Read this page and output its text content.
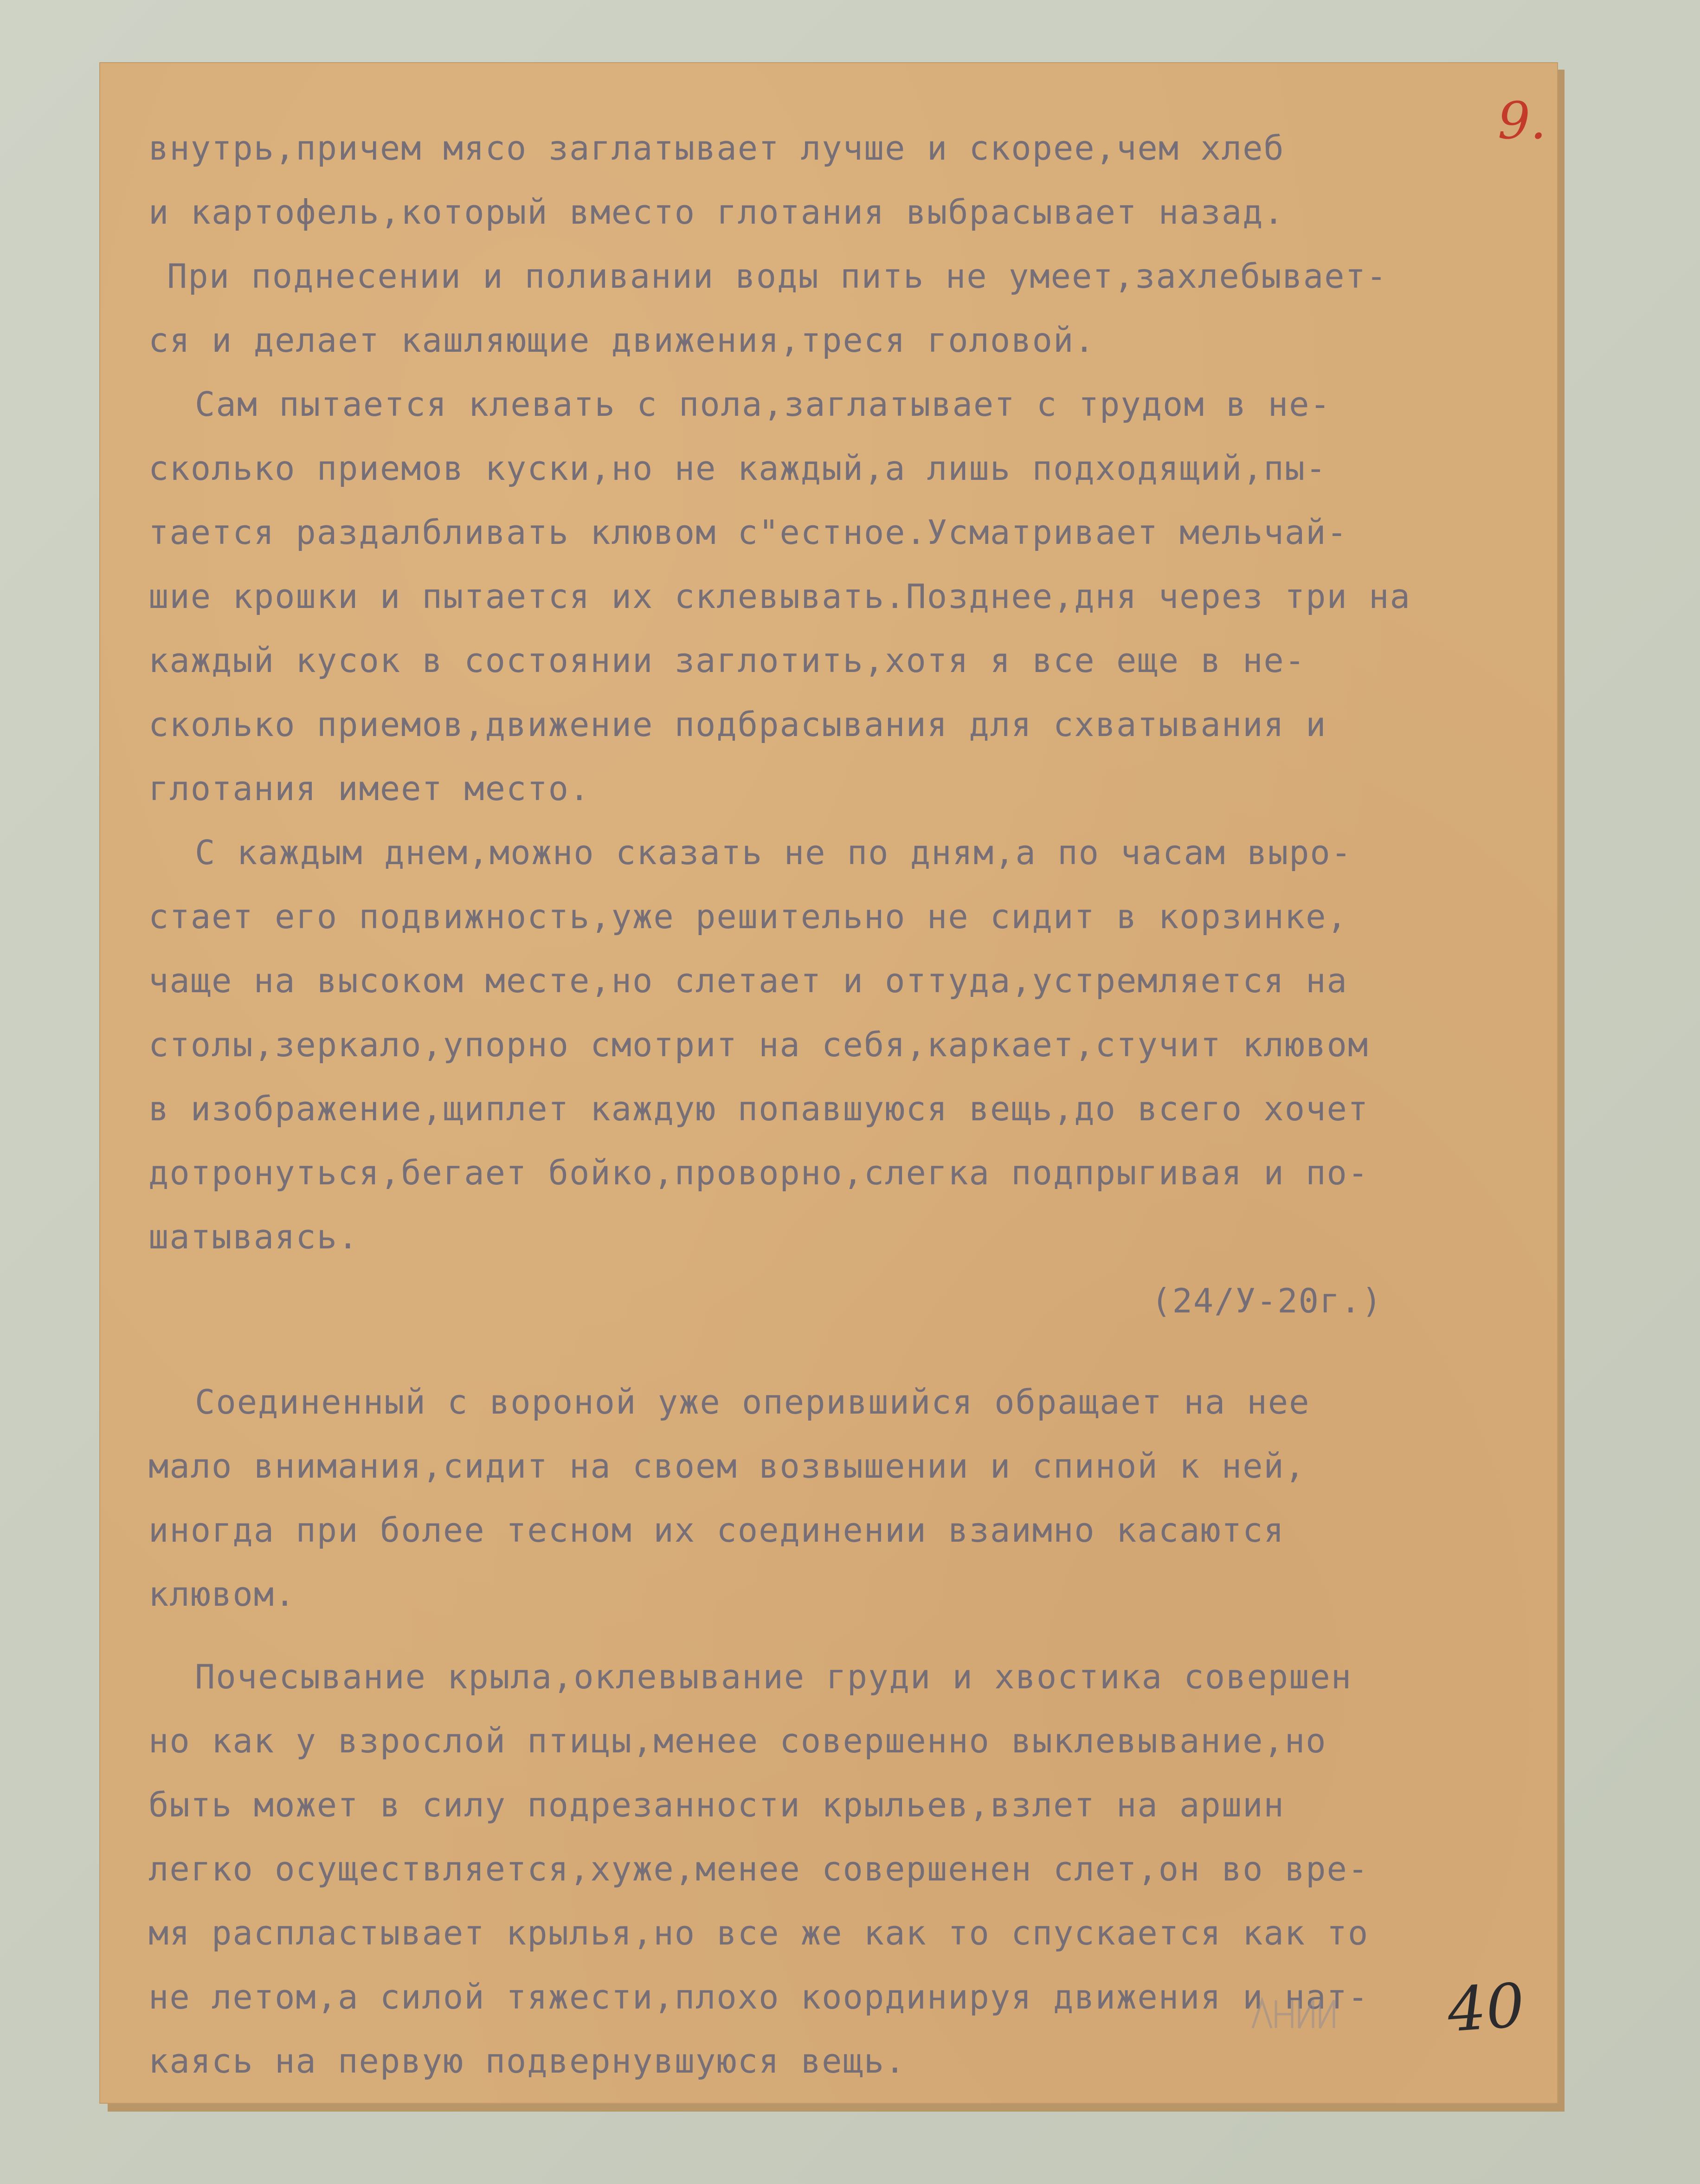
9.
внутрь,причем мясо заглатывает лучше и скорее,чем хлеб
и картофель,который вместо глотания выбрасывает назад.
При поднесении и поливании воды пить не умеет,захлебывает-
ся и делает кашляющие движения,треся головой.
Сам пытается клевать с пола,заглатывает с трудом в не-
сколько приемов куски,но не каждый,а лишь подходящий,пы-
тается раздалбливать клювом с"естное.Усматривает мельчай-
шие крошки и пытается их склевывать.Позднее,дня через три на
каждый кусок в состоянии заглотить,хотя я все еще в не-
сколько приемов,движение подбрасывания для схватывания и
глотания имеет место.
С каждым днем,можно сказать не по дням,а по часам выро-
стает его подвижность,уже решительно не сидит в корзинке,
чаще на высоком месте,но слетает и оттуда,устремляется на
столы,зеркало,упорно смотрит на себя,каркает,стучит клювом
в изображение,щиплет каждую попавшуюся вещь,до всего хочет
дотронуться,бегает бойко,проворно,слегка подпрыгивая и по-
шатываясь.
(24/У-20г.)
Соединенный с вороной уже оперившийся обращает на нее
мало внимания,сидит на своем возвышении и спиной к ней,
иногда при более тесном их соединении взаимно касаются
клювом.
Почесывание крыла,оклевывание груди и хвостика совершен
но как у взрослой птицы,менее совершенно выклевывание,но
быть может в силу подрезанности крыльев,взлет на аршин
легко осуществляется,хуже,менее совершенен слет,он во вре-
мя распластывает крылья,но все же как то спускается как то
не летом,а силой тяжести,плохо координируя движения и нат-
каясь на первую подвернувшуюся вещь.
40
